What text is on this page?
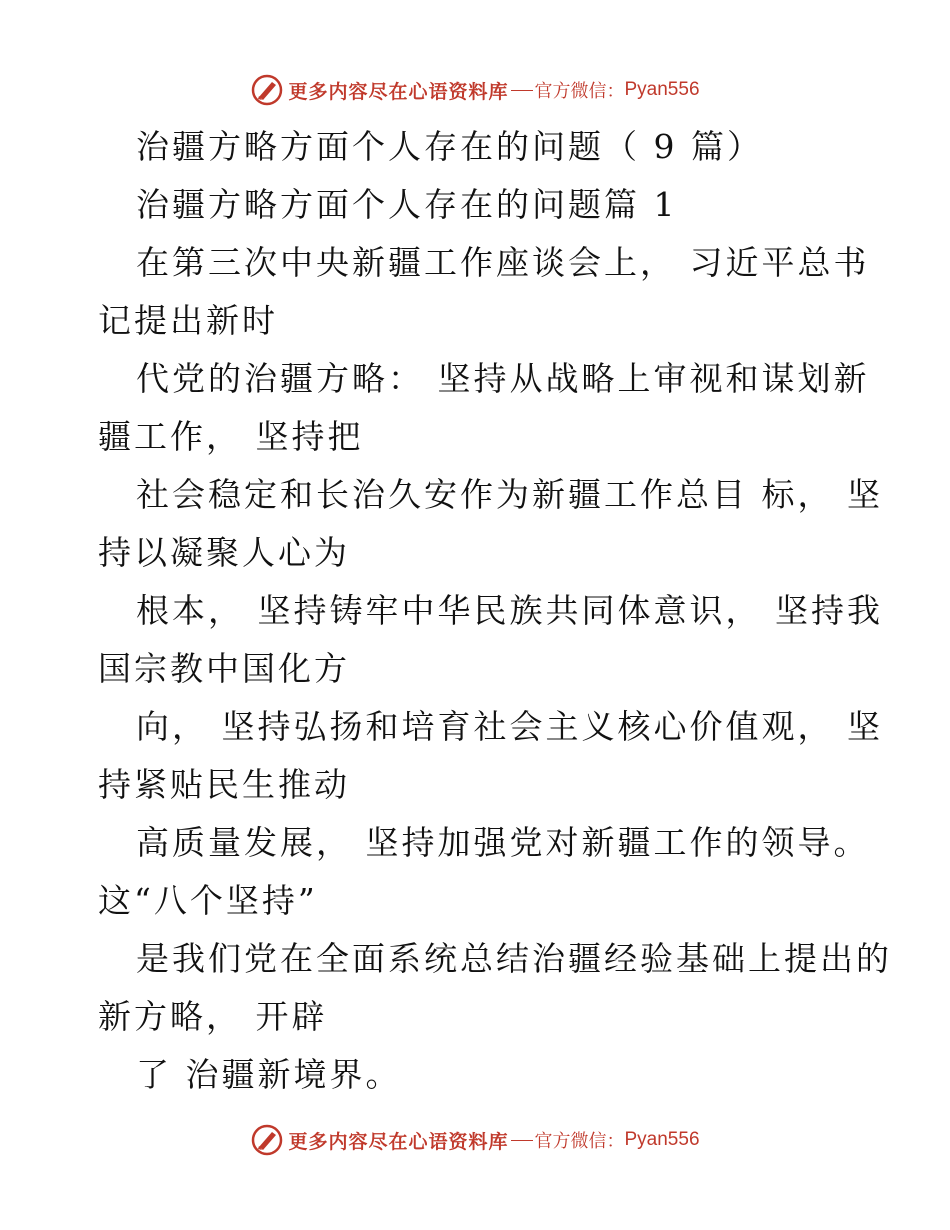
更多内容尽在心语资料库 官方微信： Pyan556
治疆方略方面个人存在的问题（ 9 篇）
治疆方略方面个人存在的问题篇 1
在第三次中央新疆工作座谈会上， 习近平总书
记提出新时
代党的治疆方略： 坚持从战略上审视和谋划新
疆工作， 坚持把
社会稳定和长治久安作为新疆工作总目 标， 坚
持以凝聚人心为
根本， 坚持铸牢中华民族共同体意识， 坚持我
国宗教中国化方
向， 坚持弘扬和培育社会主义核心价值观， 坚
持紧贴民生推动
高质量发展， 坚持加强党对新疆工作的领导。
这“八个坚持”
是我们党在全面系统总结治疆经验基础上提出的
新方略， 开辟
了 治疆新境界。
更多内容尽在心语资料库 官方微信： Pyan556
